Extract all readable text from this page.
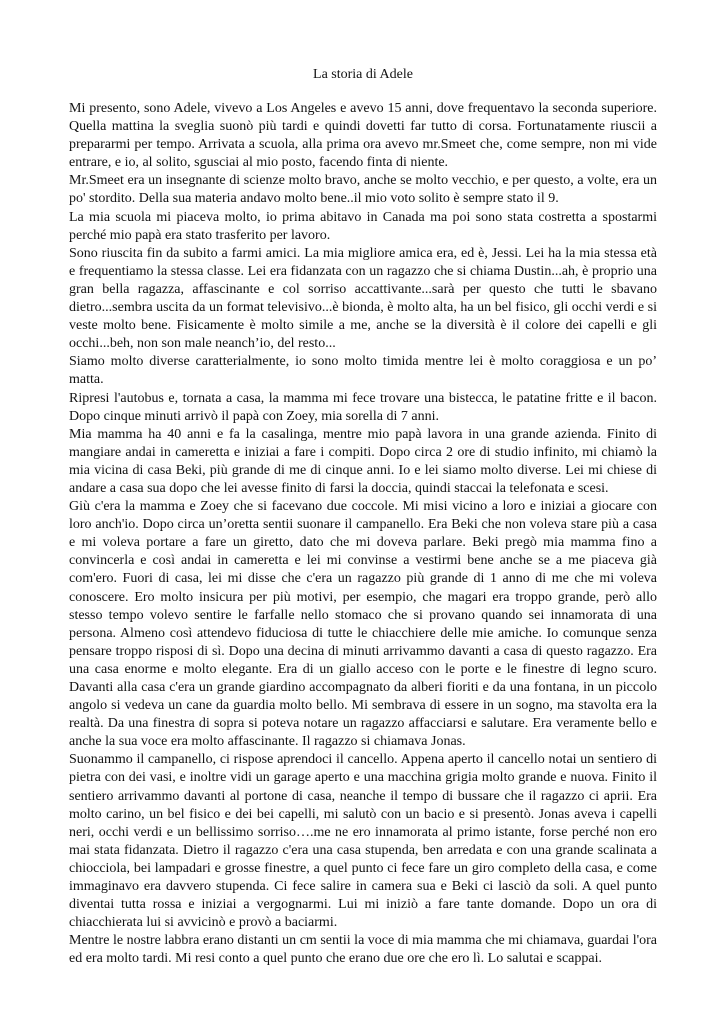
La storia di Adele

Mi presento, sono Adele, vivevo a Los Angeles e avevo 15 anni, dove frequentavo la seconda superiore. Quella mattina la sveglia suonò più tardi e quindi dovetti far tutto di corsa. Fortunatamente riuscii a prepararmi per tempo. Arrivata a scuola, alla prima ora avevo mr.Smeet che, come sempre, non mi vide entrare, e io, al solito, sgusciai al mio posto, facendo finta di niente.

Mr.Smeet era un insegnante di scienze molto bravo, anche se molto vecchio, e per questo, a volte, era un po' stordito. Della sua materia andavo molto bene..il mio voto solito è sempre stato il 9.

La mia scuola mi piaceva molto, io prima abitavo in Canada ma poi sono stata costretta a spostarmi perché mio papà era stato trasferito per lavoro.

Sono riuscita fin da subito a farmi amici. La mia migliore amica era, ed è, Jessi. Lei ha la mia stessa età e frequentiamo la stessa classe. Lei era fidanzata con un ragazzo che si chiama Dustin...ah, è proprio una gran bella ragazza, affascinante e col sorriso accattivante...sarà per questo che tutti le sbavano dietro...sembra uscita da un format televisivo...è bionda, è molto alta, ha un bel fisico, gli occhi verdi e si veste molto bene. Fisicamente è molto simile a me, anche se la diversità è il colore dei capelli e gli occhi...beh, non son male neanch’io, del resto...

Siamo molto diverse caratterialmente, io sono molto timida mentre lei è molto coraggiosa e un po’ matta.

Ripresi l'autobus e, tornata a casa, la mamma mi fece trovare una bistecca, le patatine fritte e il bacon. Dopo cinque minuti arrivò il papà con Zoey, mia sorella di 7 anni.

Mia mamma ha 40 anni e fa la casalinga, mentre mio papà lavora in una grande azienda. Finito di mangiare andai in cameretta e iniziai a fare i compiti. Dopo circa 2 ore di studio infinito, mi chiamò la mia vicina di casa Beki, più grande di me di cinque anni. Io e lei siamo molto diverse. Lei mi chiese di andare a casa sua dopo che lei avesse finito di farsi la doccia, quindi staccai la telefonata e scesi.

Giù c'era la mamma e Zoey che si facevano due coccole. Mi misi vicino a loro e iniziai a giocare con loro anch'io. Dopo circa un’oretta sentii suonare il campanello. Era Beki che non voleva stare più a casa e mi voleva portare a fare un giretto, dato che mi doveva parlare. Beki pregò mia mamma fino a convincerla e così andai in cameretta e lei mi convinse a vestirmi bene anche se a me piaceva già com'ero. Fuori di casa, lei mi disse che c'era un ragazzo più grande di 1 anno di me che mi voleva conoscere. Ero molto insicura per più motivi, per esempio, che magari era troppo grande, però allo stesso tempo volevo sentire le farfalle nello stomaco che si provano quando sei innamorata di una persona. Almeno così attendevo fiduciosa di tutte le chiacchiere delle mie amiche. Io comunque senza pensare troppo risposi di sì. Dopo una decina di minuti arrivammo davanti a casa di questo ragazzo. Era una casa enorme e molto elegante. Era di un giallo acceso con le porte e le finestre di legno scuro. Davanti alla casa c'era un grande giardino accompagnato da alberi fioriti e da una fontana, in un piccolo angolo si vedeva un cane da guardia molto bello. Mi sembrava di essere in un sogno, ma stavolta era la realtà. Da una finestra di sopra si poteva notare un ragazzo affacciarsi e salutare. Era veramente bello e anche la sua voce era molto affascinante. Il ragazzo si chiamava Jonas.

Suonammo il campanello, ci rispose aprendoci il cancello. Appena aperto il cancello notai un sentiero di pietra con dei vasi, e inoltre vidi un garage aperto e una macchina grigia molto grande e nuova. Finito il sentiero arrivammo davanti al portone di casa, neanche il tempo di bussare che il ragazzo ci aprii. Era molto carino, un bel fisico e dei bei capelli, mi salutò con un bacio e si presentò. Jonas aveva i capelli neri, occhi verdi e un bellissimo sorriso….me ne ero innamorata al primo istante, forse perché non ero mai stata fidanzata. Dietro il ragazzo c'era una casa stupenda, ben arredata e con una grande scalinata a chiocciola, bei lampadari e grosse finestre, a quel punto ci fece fare un giro completo della casa, e come immaginavo era davvero stupenda. Ci fece salire in camera sua e Beki ci lasciò da soli. A quel punto diventai tutta rossa e iniziai a vergognarmi. Lui mi iniziò a fare tante domande. Dopo un ora di chiacchierata lui si avvicinò e provò a baciarmi.

Mentre le nostre labbra erano distanti un cm sentii la voce di mia mamma che mi chiamava, guardai l'ora ed era molto tardi. Mi resi conto a quel punto che erano due ore che ero lì. Lo salutai e scappai.
